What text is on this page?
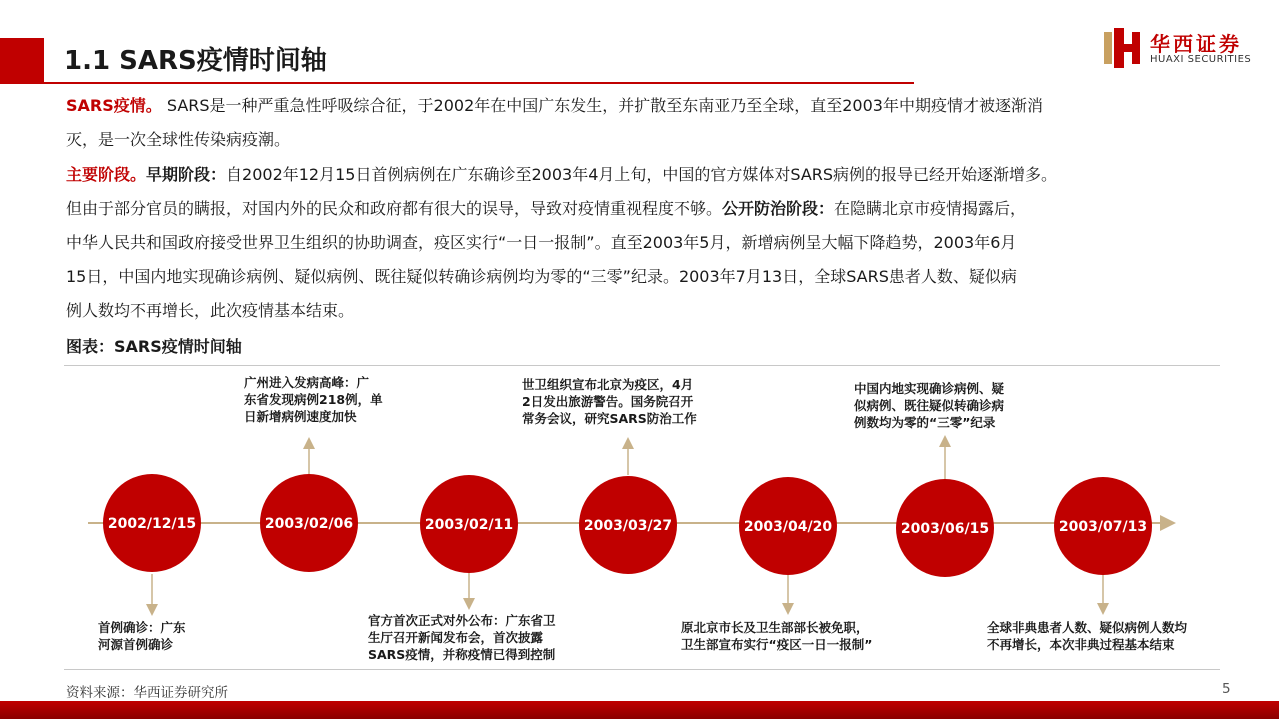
1.1 SARS疫情时间轴
华西证券
HUAXI SECURITIES
SARS疫情。 SARS是一种严重急性呼吸综合征，于2002年在中国广东发生，并扩散至东南亚乃至全球，直至2003年中期疫情才被逐渐消
灭，是一次全球性传染病疫潮。
主要阶段。早期阶段：自2002年12月15日首例病例在广东确诊至2003年4月上旬，中国的官方媒体对SARS病例的报导已经开始逐渐增多。
但由于部分官员的瞒报，对国内外的民众和政府都有很大的误导，导致对疫情重视程度不够。公开防治阶段：在隐瞒北京市疫情揭露后，
中华人民共和国政府接受世界卫生组织的协助调查，疫区实行“一日一报制”。直至2003年5月，新增病例呈大幅下降趋势，2003年6月
15日，中国内地实现确诊病例、疑似病例、既往疑似转确诊病例均为零的“三零”纪录。2003年7月13日，全球SARS患者人数、疑似病
例人数均不再增长，此次疫情基本结束。
图表：SARS疫情时间轴
2002/12/15	2003/02/06	2003/02/11	2003/03/27	2003/04/20	2003/06/15	2003/07/13
首例确诊：广东
河源首例确诊
广州进入发病高峰：广
东省发现病例218例，单
日新增病例速度加快
官方首次正式对外公布：广东省卫
生厅召开新闻发布会，首次披露
SARS疫情，并称疫情已得到控制
世卫组织宣布北京为疫区，4月
2日发出旅游警告。国务院召开
常务会议，研究SARS防治工作
原北京市长及卫生部部长被免职，
卫生部宣布实行“疫区一日一报制”
中国内地实现确诊病例、疑
似病例、既往疑似转确诊病
例数均为零的“三零”纪录
全球非典患者人数、疑似病例人数均
不再增长，本次非典过程基本结束
资料来源：华西证券研究所	5
